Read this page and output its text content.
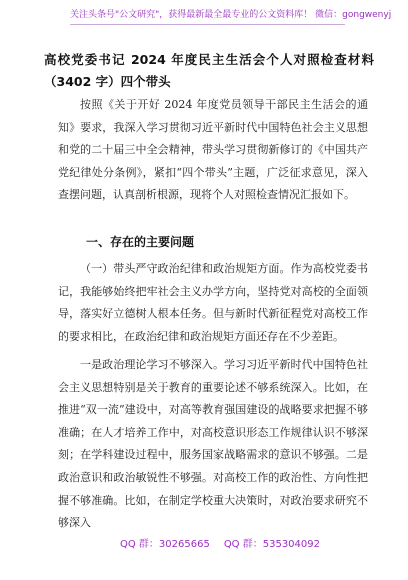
关注头条号"公文研究"，获得最新最全最专业的公文资料库！ 微信：gongwenyj
高校党委书记 2024 年度民主生活会个人对照检查材料（3402 字）四个带头

按照《关于开好 2024 年度党员领导干部民主生活会的通知》要求，我深入学习贯彻习近平新时代中国特色社会主义思想和党的二十届三中全会精神，带头学习贯彻新修订的《中国共产党纪律处分条例》，紧扣“四个带头”主题，广泛征求意见，深入查摆问题，认真剖析根源，现将个人对照检查情况汇报如下。

一、存在的主要问题

（一）带头严守政治纪律和政治规矩方面。作为高校党委书记，我能够始终把牢社会主义办学方向，坚持党对高校的全面领导，落实好立德树人根本任务。但与新时代新征程党对高校工作的要求相比，在政治纪律和政治规矩方面还存在不少差距。

一是政治理论学习不够深入。学习习近平新时代中国特色社会主义思想特别是关于教育的重要论述不够系统深入。比如，在推进“双一流”建设中，对高等教育强国建设的战略要求把握不够准确；在人才培养工作中，对高校意识形态工作规律认识不够深刻；在学科建设过程中，服务国家战略需求的意识不够强。二是政治意识和政治敏锐性不够强。对高校工作的政治性、方向性把握不够准确。比如，在制定学校重大决策时，对政治要求研究不够深入

QQ 群：30265665 QQ 群：535304092
